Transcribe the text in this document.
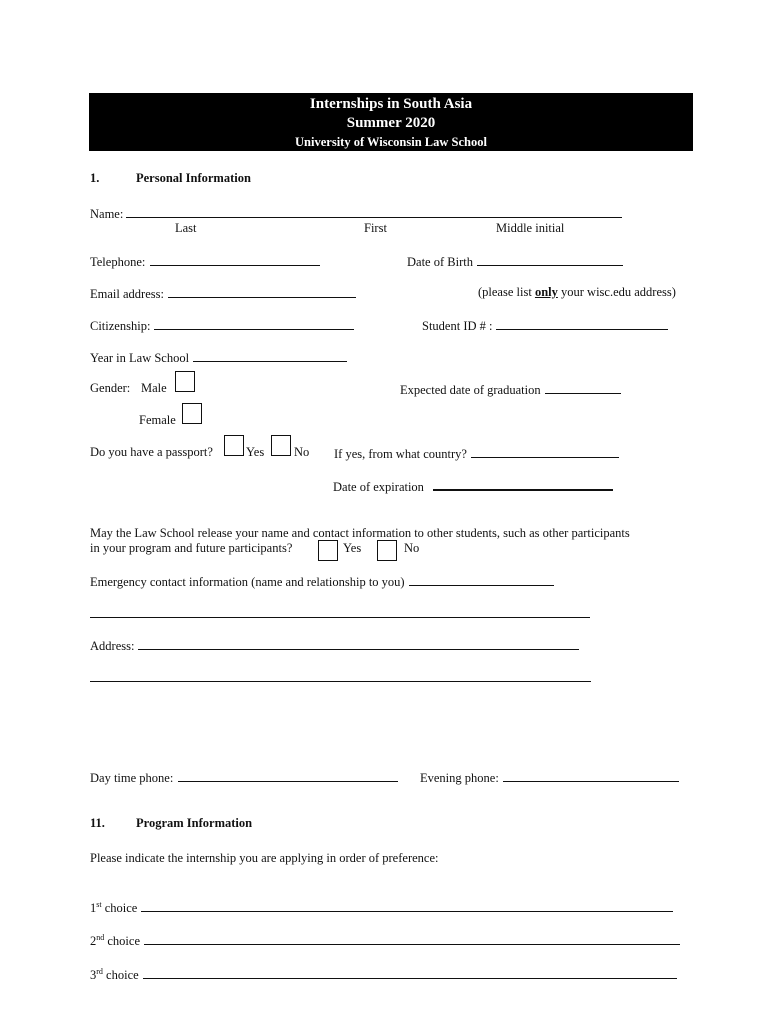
Internships in South Asia
Summer 2020
University of Wisconsin Law School
1.	Personal Information
Name:
Last	First	Middle initial
Telephone:	Date of Birth
Email address:	(please list only your wisc.edu address)
Citizenship:	Student ID # :
Year in Law School
Gender: Male	Expected date of graduation
Female
Do you have a passport?	Yes No If yes, from what country?
Date of expiration
May the Law School release your name and contact information to other students, such as other participants
in your program and future participants?	Yes	No
Emergency contact information (name and relationship to you)
Address:
Day time phone:	Evening phone:
11. Program Information
Please indicate the internship you are applying in order of preference:
1st choice
2nd choice
3rd choice
